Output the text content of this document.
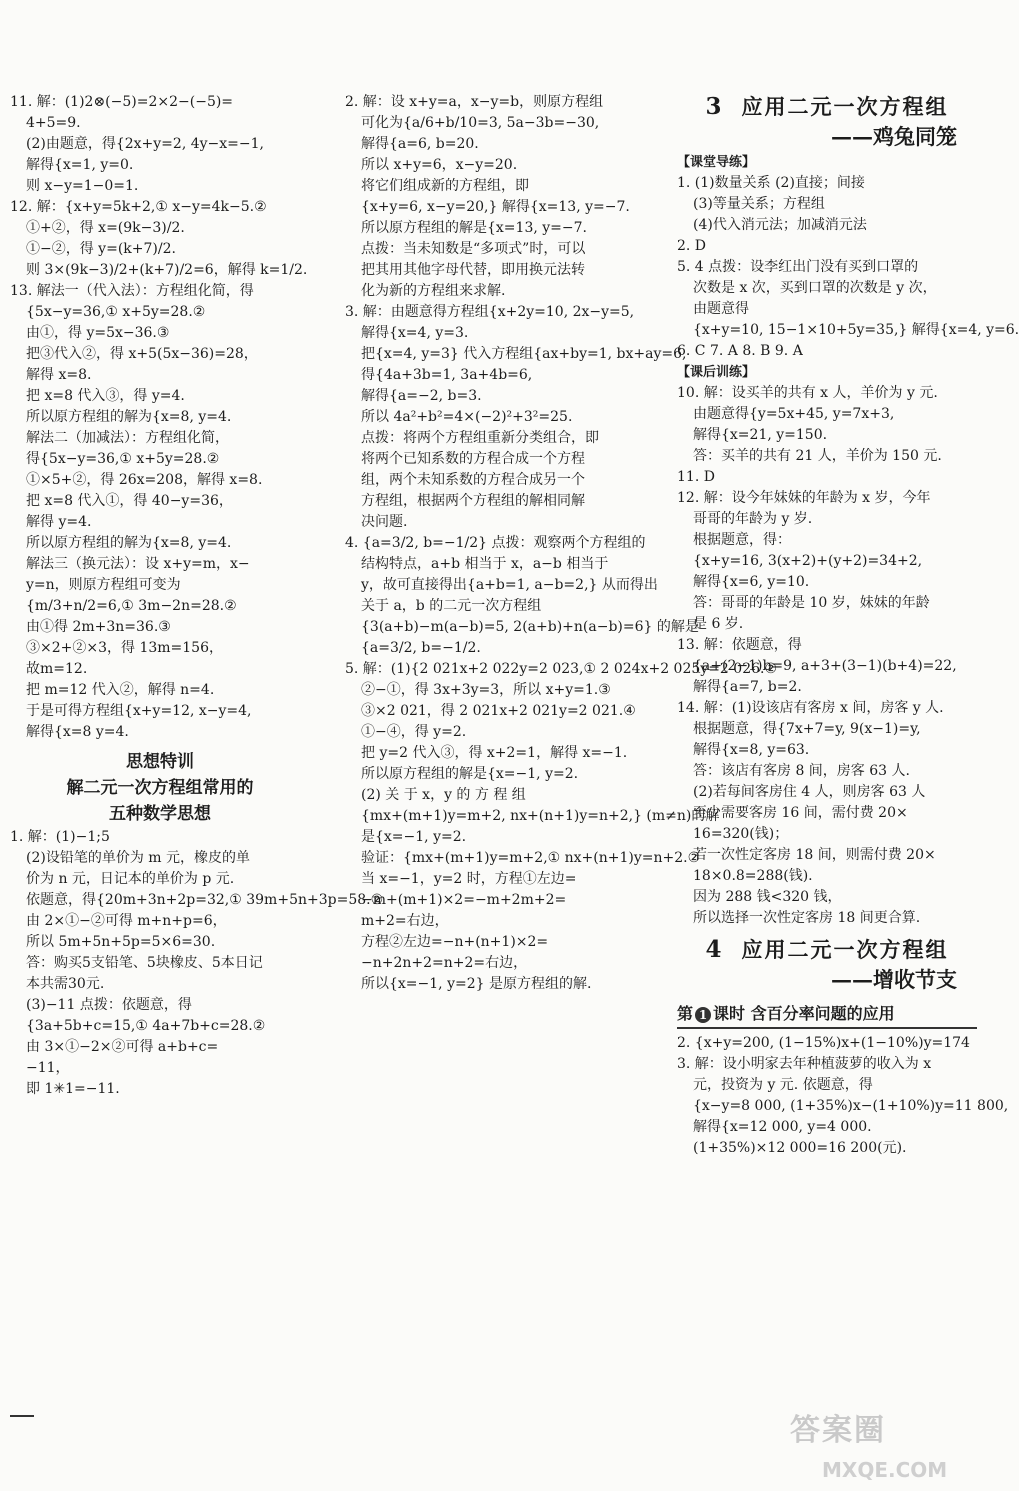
11. 解：(1)2⊗(−5)=2×2−(−5)=
4+5=9.
(2)由题意，得{2x+y=2, 4y−x=−1,
解得{x=1, y=0.
则 x−y=1−0=1.
12. 解：{x+y=5k+2,① x−y=4k−5.②
①+②，得 x=(9k−3)/2.
①−②，得 y=(k+7)/2.
则 3×(9k−3)/2+(k+7)/2=6，解得 k=1/2.
13. 解法一（代入法）：方程组化简，得
{5x−y=36,① x+5y=28.②
由①，得 y=5x−36.③
把③代入②，得 x+5(5x−36)=28，
解得 x=8.
把 x=8 代入③，得 y=4.
所以原方程组的解为{x=8, y=4.
解法二（加减法）：方程组化简，
得{5x−y=36,① x+5y=28.②
①×5+②，得 26x=208，解得 x=8.
把 x=8 代入①，得 40−y=36，
解得 y=4.
所以原方程组的解为{x=8, y=4.
解法三（换元法）：设 x+y=m，x−
y=n，则原方程组可变为
{m/3+n/2=6,① 3m−2n=28.②
由①得 2m+3n=36.③
③×2+②×3，得 13m=156，
故m=12.
把 m=12 代入②，解得 n=4.
于是可得方程组{x+y=12, x−y=4,
解得{x=8 y=4.
思想特训
解二元一次方程组常用的
五种数学思想
1. 解：(1)−1;5
(2)设铅笔的单价为 m 元，橡皮的单
价为 n 元，日记本的单价为 p 元.
依题意，得{20m+3n+2p=32,① 39m+5n+3p=58.②
由 2×①−②可得 m+n+p=6，
所以 5m+5n+5p=5×6=30.
答：购买5支铅笔、5块橡皮、5本日记
本共需30元.
(3)−11 点拨：依题意，得
{3a+5b+c=15,① 4a+7b+c=28.②
由 3×①−2×②可得 a+b+c=
−11，
即 1✳1=−11.
2. 解：设 x+y=a，x−y=b，则原方程组
可化为{a/6+b/10=3, 5a−3b=−30,
解得{a=6, b=20.
所以 x+y=6，x−y=20.
将它们组成新的方程组，即
{x+y=6, x−y=20,} 解得{x=13, y=−7.
所以原方程组的解是{x=13, y=−7.
点拨：当未知数是“多项式”时，可以
把其用其他字母代替，即用换元法转
化为新的方程组来求解.
3. 解：由题意得方程组{x+2y=10, 2x−y=5,
解得{x=4, y=3.
把{x=4, y=3} 代入方程组{ax+by=1, bx+ay=6,
得{4a+3b=1, 3a+4b=6,
解得{a=−2, b=3.
所以 4a²+b²=4×(−2)²+3²=25.
点拨：将两个方程组重新分类组合，即
将两个已知系数的方程合成一个方程
组，两个未知系数的方程合成另一个
方程组，根据两个方程组的解相同解
决问题.
4. {a=3/2, b=−1/2} 点拨：观察两个方程组的
结构特点，a+b 相当于 x，a−b 相当于
y，故可直接得出{a+b=1, a−b=2,} 从而得出
关于 a，b 的二元一次方程组
{3(a+b)−m(a−b)=5, 2(a+b)+n(a−b)=6} 的解是
{a=3/2, b=−1/2.
5. 解：(1){2 021x+2 022y=2 023,① 2 024x+2 025y=2 026.②
②−①，得 3x+3y=3，所以 x+y=1.③
③×2 021，得 2 021x+2 021y=2 021.④
①−④，得 y=2.
把 y=2 代入③，得 x+2=1，解得 x=−1.
所以原方程组的解是{x=−1, y=2.
(2) 关 于 x，y 的 方 程 组
{mx+(m+1)y=m+2, nx+(n+1)y=n+2,} (m≠n)的解
是{x=−1, y=2.
验证：{mx+(m+1)y=m+2,① nx+(n+1)y=n+2.②
当 x=−1，y=2 时，方程①左边=
−m+(m+1)×2=−m+2m+2=
m+2=右边，
方程②左边=−n+(n+1)×2=
−n+2n+2=n+2=右边，
所以{x=−1, y=2} 是原方程组的解.
3 应用二元一次方程组
——鸡兔同笼
【课堂导练】
1. (1)数量关系 (2)直接；间接
(3)等量关系；方程组
(4)代入消元法；加减消元法
2. D
5. 4 点拨：设李红出门没有买到口罩的
次数是 x 次，买到口罩的次数是 y 次，
由题意得
{x+y=10, 15−1×10+5y=35,} 解得{x=4, y=6.
6. C 7. A 8. B 9. A
【课后训练】
10. 解：设买羊的共有 x 人，羊价为 y 元.
由题意得{y=5x+45, y=7x+3,
解得{x=21, y=150.
答：买羊的共有 21 人，羊价为 150 元.
11. D
12. 解：设今年妹妹的年龄为 x 岁，今年
哥哥的年龄为 y 岁.
根据题意，得：
{x+y=16, 3(x+2)+(y+2)=34+2,
解得{x=6, y=10.
答：哥哥的年龄是 10 岁，妹妹的年龄
是 6 岁.
13. 解：依题意，得
{a+(2−1)b=9, a+3+(3−1)(b+4)=22,
解得{a=7, b=2.
14. 解：(1)设该店有客房 x 间，房客 y 人.
根据题意，得{7x+7=y, 9(x−1)=y,
解得{x=8, y=63.
答：该店有客房 8 间，房客 63 人.
(2)若每间客房住 4 人，则房客 63 人
至少需要客房 16 间，需付费 20×
16=320(钱)；
若一次性定客房 18 间，则需付费 20×
18×0.8=288(钱).
因为 288 钱<320 钱，
所以选择一次性定客房 18 间更合算.
4 应用二元一次方程组
——增收节支
第 1 课时 含百分率问题的应用
2. {x+y=200, (1−15%)x+(1−10%)y=174
3. 解：设小明家去年种植菠萝的收入为 x
元，投资为 y 元. 依题意，得
{x−y=8 000, (1+35%)x−(1+10%)y=11 800,
解得{x=12 000, y=4 000.
(1+35%)×12 000=16 200(元).
答案圈
MXQE.COM
